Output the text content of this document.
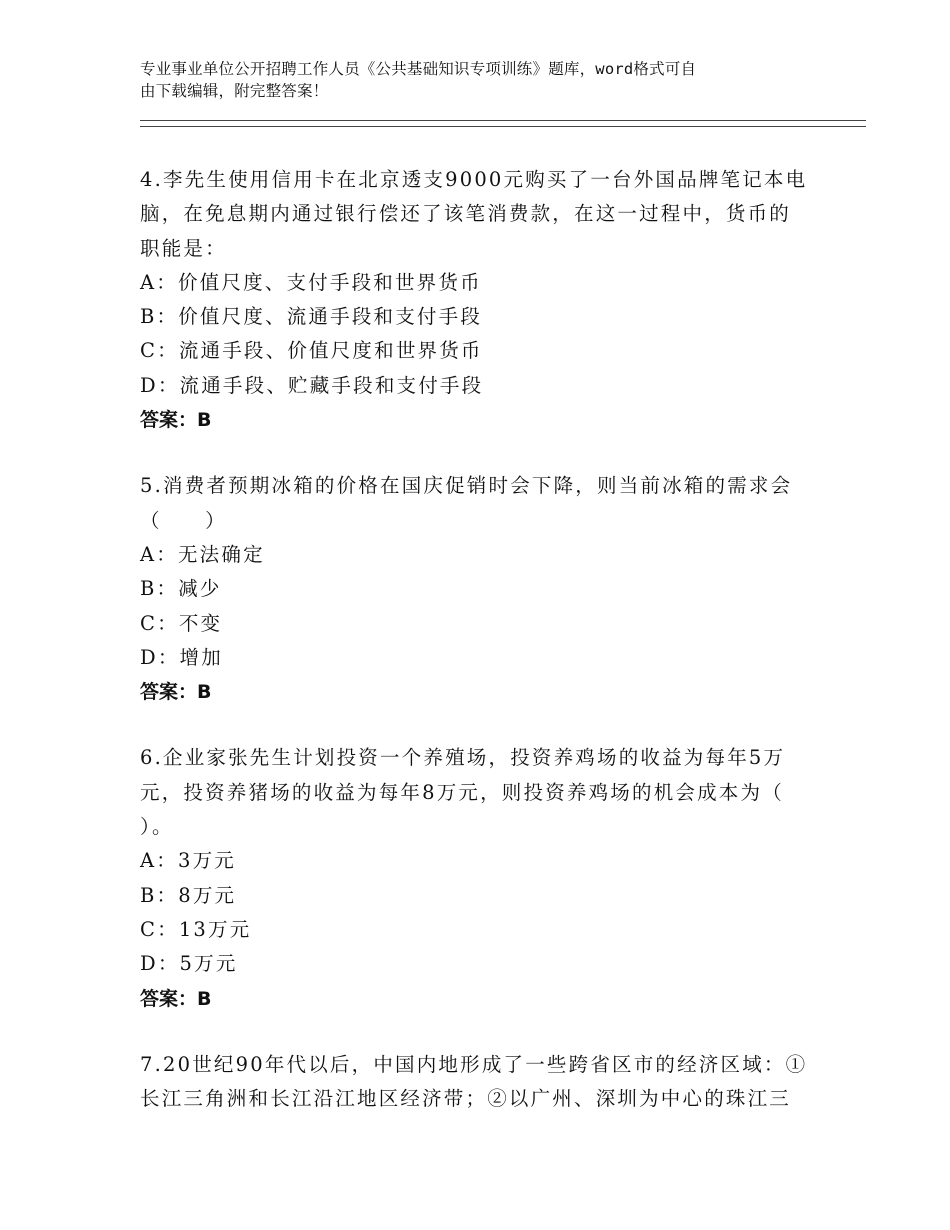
专业事业单位公开招聘工作人员《公共基础知识专项训练》题库，word格式可自
由下载编辑，附完整答案！

4.李先生使用信用卡在北京透支9000元购买了一台外国品牌笔记本电

脑，在免息期内通过银行偿还了该笔消费款，在这一过程中，货币的

职能是：

A：价值尺度、支付手段和世界货币

B：价值尺度、流通手段和支付手段

C：流通手段、价值尺度和世界货币

D：流通手段、贮藏手段和支付手段

答案：B

5.消费者预期冰箱的价格在国庆促销时会下降，则当前冰箱的需求会

（　　）

A：无法确定

B：减少

C：不变

D：增加

答案：B

6.企业家张先生计划投资一个养殖场，投资养鸡场的收益为每年5万

元，投资养猪场的收益为每年8万元，则投资养鸡场的机会成本为（

）。

A：3万元

B：8万元

C：13万元

D：5万元

答案：B

7.20世纪90年代以后，中国内地形成了一些跨省区市的经济区域：①

长江三角洲和长江沿江地区经济带；②以广州、深圳为中心的珠江三
